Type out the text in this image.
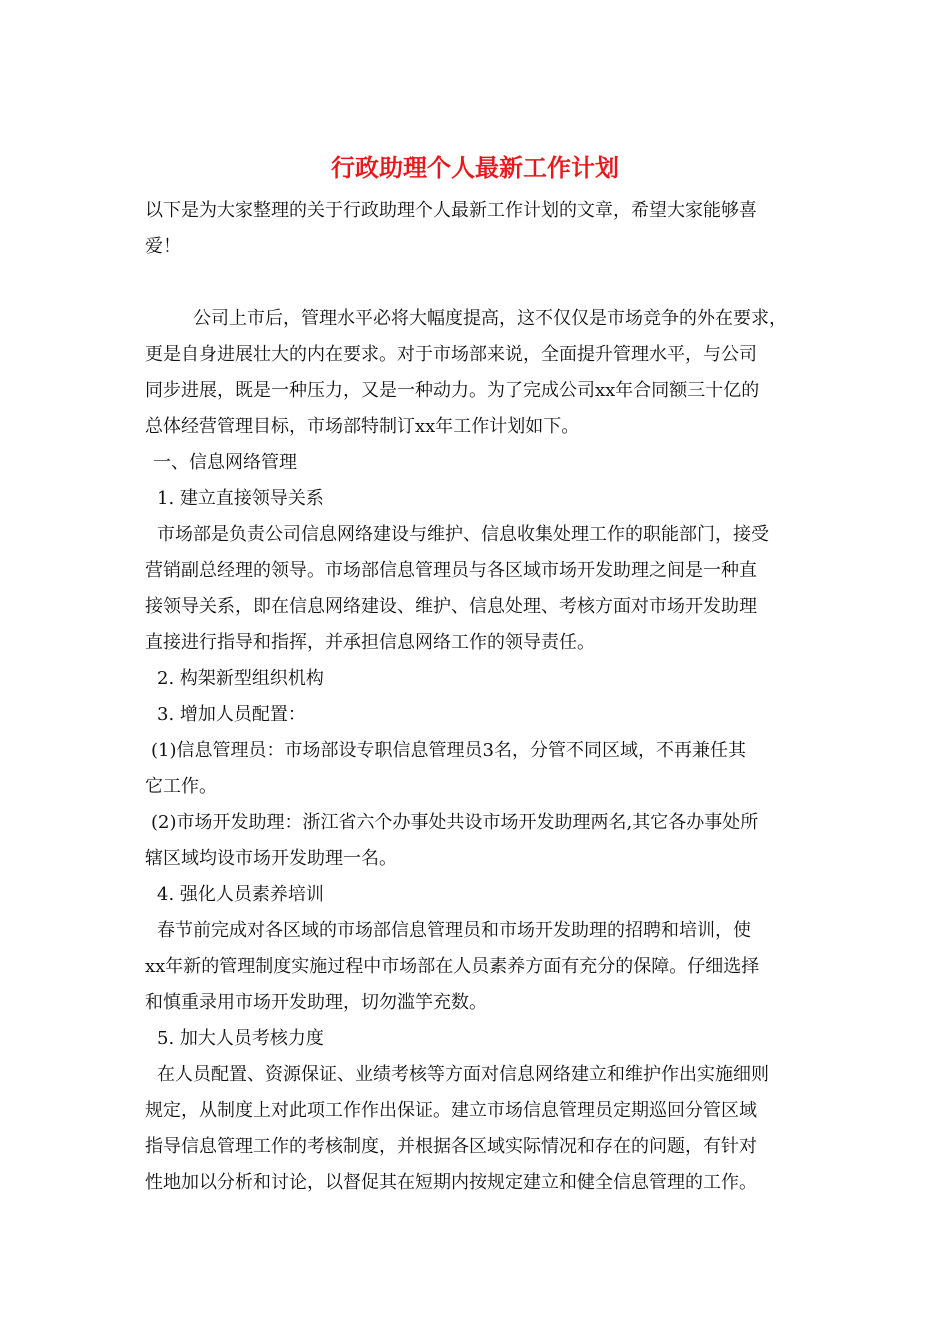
行政助理个人最新工作计划

以下是为大家整理的关于行政助理个人最新工作计划的文章，希望大家能够喜

爱！

公司上市后，管理水平必将大幅度提高，这不仅仅是市场竞争的外在要求，

更是自身进展壮大的内在要求。对于市场部来说，全面提升管理水平，与公司

同步进展，既是一种压力，又是一种动力。为了完成公司xx年合同额三十亿的

总体经营管理目标，市场部特制订xx年工作计划如下。

一、信息网络管理

1. 建立直接领导关系

市场部是负责公司信息网络建设与维护、信息收集处理工作的职能部门，接受

营销副总经理的领导。市场部信息管理员与各区域市场开发助理之间是一种直

接领导关系，即在信息网络建设、维护、信息处理、考核方面对市场开发助理

直接进行指导和指挥，并承担信息网络工作的领导责任。

2. 构架新型组织机构

3. 增加人员配置：

(1)信息管理员：市场部设专职信息管理员3名，分管不同区域，不再兼任其

它工作。

(2)市场开发助理：浙江省六个办事处共设市场开发助理两名,其它各办事处所

辖区域均设市场开发助理一名。

4. 强化人员素养培训

春节前完成对各区域的市场部信息管理员和市场开发助理的招聘和培训，使

xx年新的管理制度实施过程中市场部在人员素养方面有充分的保障。仔细选择

和慎重录用市场开发助理，切勿滥竽充数。

5. 加大人员考核力度

在人员配置、资源保证、业绩考核等方面对信息网络建立和维护作出实施细则

规定，从制度上对此项工作作出保证。建立市场信息管理员定期巡回分管区域

指导信息管理工作的考核制度，并根据各区域实际情况和存在的问题，有针对

性地加以分析和讨论，以督促其在短期内按规定建立和健全信息管理的工作。
